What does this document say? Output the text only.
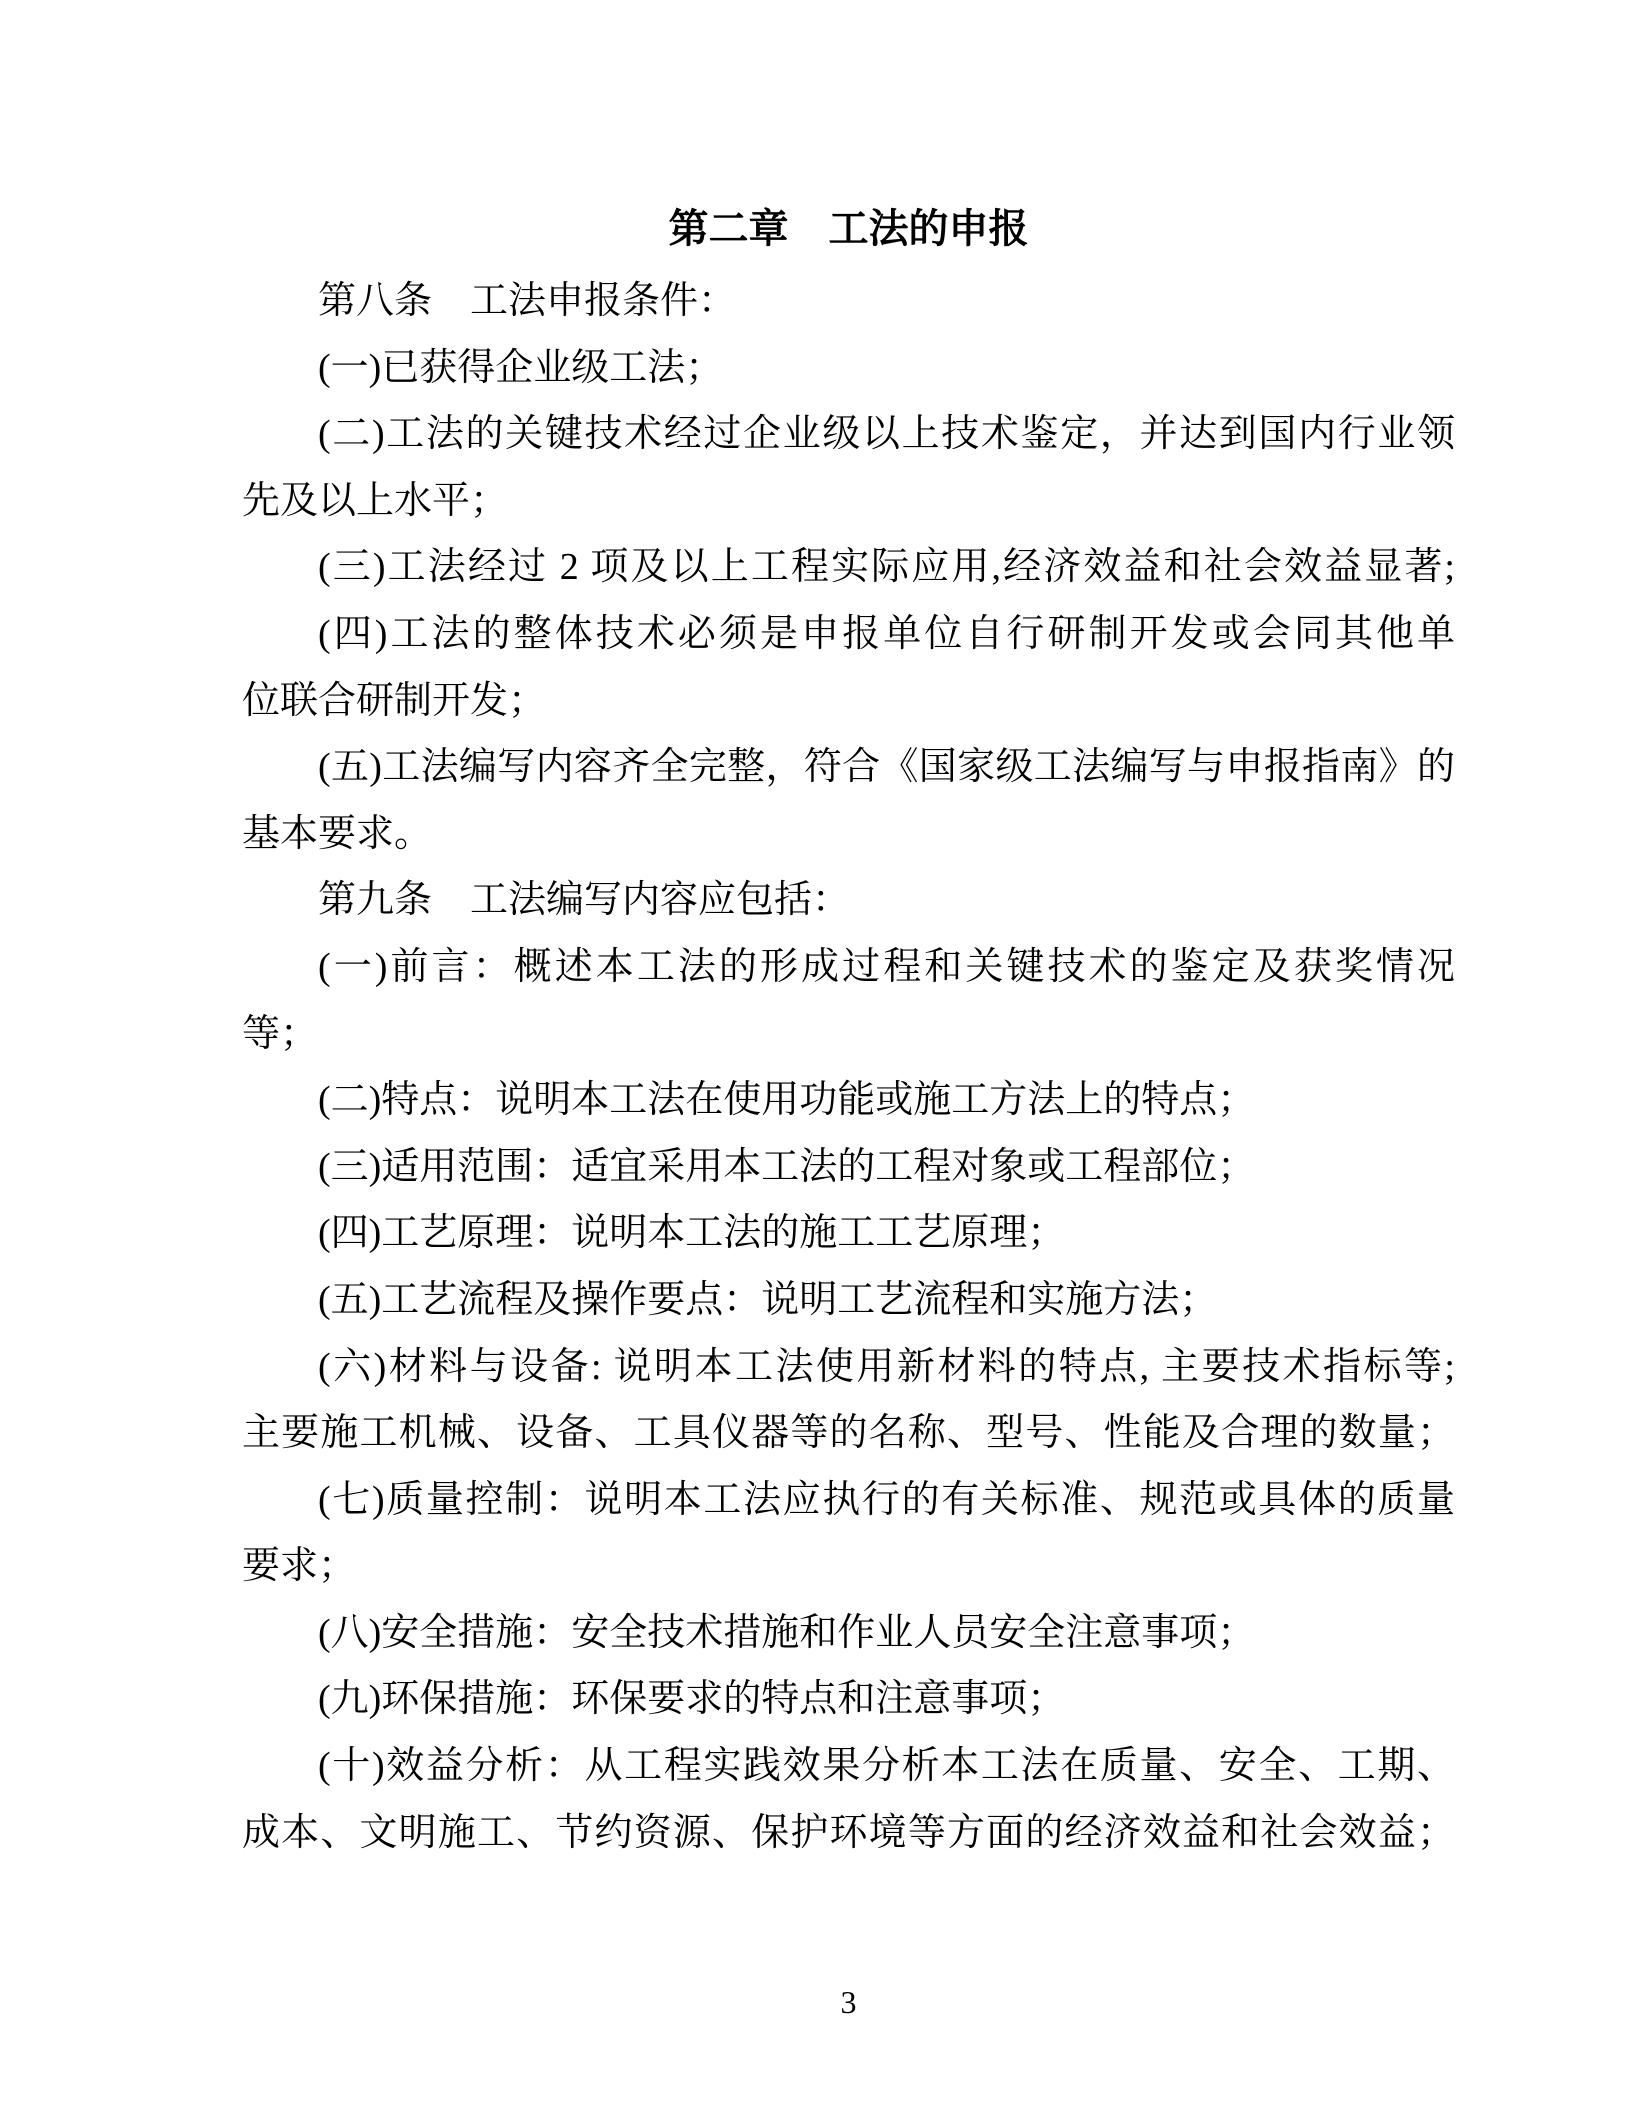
第二章　工法的申报
第八条　工法申报条件：
(一)已获得企业级工法；
(二)工法的关键技术经过企业级以上技术鉴定，并达到国内行业领
先及以上水平；
(三)工法经过 2 项及以上工程实际应用,经济效益和社会效益显著;
(四)工法的整体技术必须是申报单位自行研制开发或会同其他单
位联合研制开发；
(五)工法编写内容齐全完整，符合《国家级工法编写与申报指南》的
基本要求。
第九条　工法编写内容应包括：
(一)前言：概述本工法的形成过程和关键技术的鉴定及获奖情况
等；
(二)特点：说明本工法在使用功能或施工方法上的特点；
(三)适用范围：适宜采用本工法的工程对象或工程部位；
(四)工艺原理：说明本工法的施工工艺原理；
(五)工艺流程及操作要点：说明工艺流程和实施方法；
(六)材料与设备: 说明本工法使用新材料的特点, 主要技术指标等;
主要施工机械、设备、工具仪器等的名称、型号、性能及合理的数量；
(七)质量控制：说明本工法应执行的有关标准、规范或具体的质量
要求；
(八)安全措施：安全技术措施和作业人员安全注意事项；
(九)环保措施：环保要求的特点和注意事项；
(十)效益分析：从工程实践效果分析本工法在质量、安全、工期、
成本、文明施工、节约资源、保护环境等方面的经济效益和社会效益；
3
